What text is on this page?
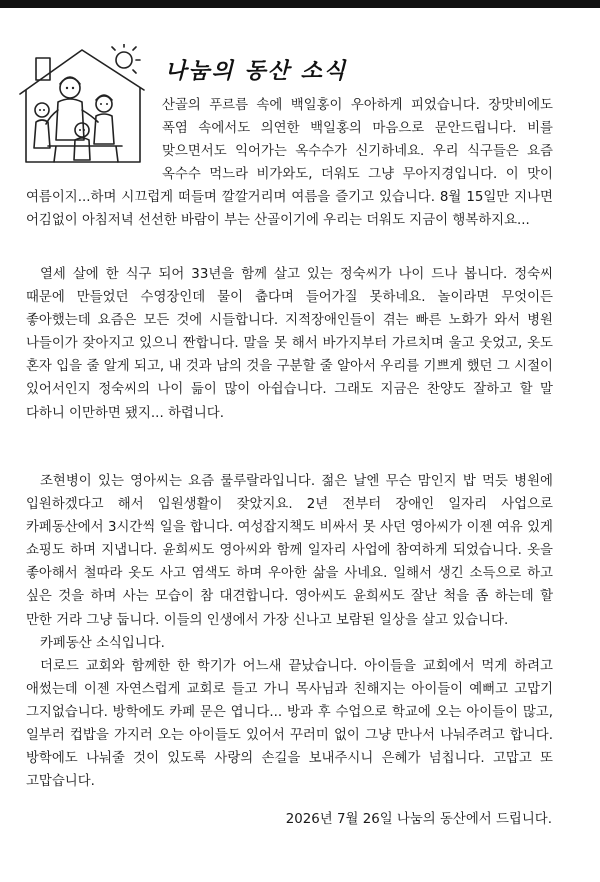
나눔의 동산 소식

산골의 푸르름 속에 백일홍이 우아하게 피었습니다. 장맛비에도 폭염 속에서도 의연한 백일홍의 마음으로 문안드립니다. 비를 맞으면서도 익어가는 옥수수가 신기하네요. 우리 식구들은 요즘 옥수수 먹느라 비가와도, 더워도 그냥 무아지경입니다. 이 맛이 여름이지...하며 시끄럽게 떠들며 깔깔거리며 여름을 즐기고 있습니다. 8월 15일만 지나면 어김없이 아침저녁 선선한 바람이 부는 산골이기에 우리는 더워도 지금이 행복하지요...

열세 살에 한 식구 되어 33년을 함께 살고 있는 정숙씨가 나이 드나 봅니다. 정숙씨 때문에 만들었던 수영장인데 물이 춥다며 들어가질 못하네요. 놀이라면 무엇이든 좋아했는데 요즘은 모든 것에 시들합니다. 지적장애인들이 겪는 빠른 노화가 와서 병원 나들이가 잦아지고 있으니 짠합니다. 말을 못 해서 바가지부터 가르치며 울고 웃었고, 옷도 혼자 입을 줄 알게 되고, 내 것과 남의 것을 구분할 줄 알아서 우리를 기쁘게 했던 그 시절이 있어서인지 정숙씨의 나이 듦이 많이 아쉽습니다. 그래도 지금은 찬양도 잘하고 할 말 다하니 이만하면 됐지... 하렵니다.

조현병이 있는 영아씨는 요즘 룰루랄라입니다. 젊은 날엔 무슨 맘인지 밥 먹듯 병원에 입원하겠다고 해서 입원생활이 잦았지요. 2년 전부터 장애인 일자리 사업으로 카페동산에서 3시간씩 일을 합니다. 여성잡지책도 비싸서 못 사던 영아씨가 이젠 여유 있게 쇼핑도 하며 지냅니다. 윤희씨도 영아씨와 함께 일자리 사업에 참여하게 되었습니다. 옷을 좋아해서 철따라 옷도 사고 염색도 하며 우아한 삶을 사네요. 일해서 생긴 소득으로 하고 싶은 것을 하며 사는 모습이 참 대견합니다. 영아씨도 윤희씨도 잘난 척을 좀 하는데 할 만한 거라 그냥 둡니다. 이들의 인생에서 가장 신나고 보람된 일상을 살고 있습니다.

카페동산 소식입니다.

더로드 교회와 함께한 한 학기가 어느새 끝났습니다. 아이들을 교회에서 먹게 하려고 애썼는데 이젠 자연스럽게 교회로 들고 가니 목사님과 친해지는 아이들이 예뻐고 고맙기 그지없습니다. 방학에도 카페 문은 엽니다... 방과 후 수업으로 학교에 오는 아이들이 많고, 일부러 컵밥을 가지러 오는 아이들도 있어서 꾸러미 없이 그냥 만나서 나눠주려고 합니다. 방학에도 나눠줄 것이 있도록 사랑의 손길을 보내주시니 은혜가 넘칩니다. 고맙고 또 고맙습니다.

2026년 7월 26일 나눔의 동산에서 드립니다.
